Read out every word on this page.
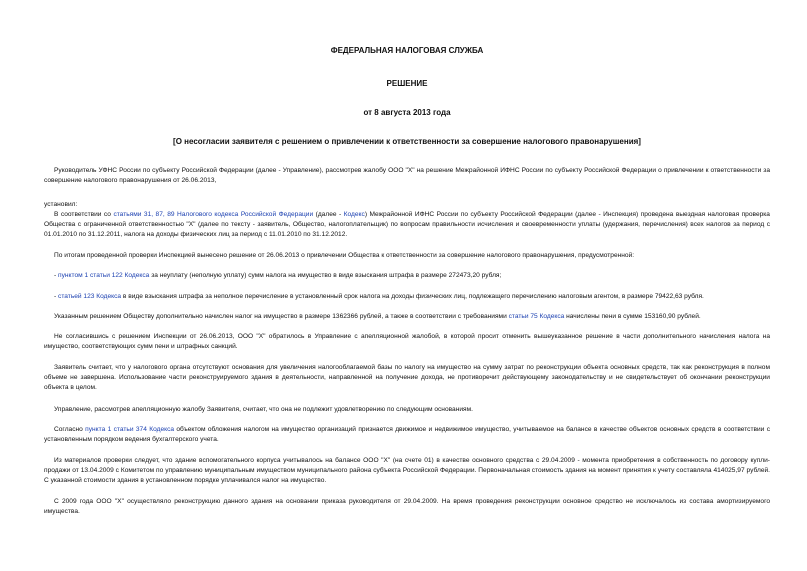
ФЕДЕРАЛЬНАЯ НАЛОГОВАЯ СЛУЖБА
РЕШЕНИЕ
от 8 августа 2013 года
[О несогласии заявителя с решением о привлечении к ответственности за совершение налогового правонарушения]
Руководитель УФНС России по субъекту Российской Федерации (далее - Управление), рассмотрев жалобу ООО "Х" на решение Межрайонной ИФНС России по субъекту Российской Федерации о привлечении к ответственности за совершение налогового правонарушения от 26.06.2013,
установил:
В соответствии со статьями 31, 87, 89 Налогового кодекса Российской Федерации (далее - Кодекс) Межрайонной ИФНС России по субъекту Российской Федерации (далее - Инспекция) проведена выездная налоговая проверка Общества с ограниченной ответственностью "Х" (далее по тексту - заявитель, Общество, налогоплательщик) по вопросам правильности исчисления и своевременности уплаты (удержания, перечисления) всех налогов за период с 01.01.2010 по 31.12.2011, налога на доходы физических лиц за период с 11.01.2010 по 31.12.2012.
По итогам проведенной проверки Инспекцией вынесено решение от 26.06.2013 о привлечении Общества к ответственности за совершение налогового правонарушения, предусмотренной:
- пунктом 1 статьи 122 Кодекса за неуплату (неполную уплату) сумм налога на имущество в виде взыскания штрафа в размере 272473,20 рубля;
- статьей 123 Кодекса в виде взыскания штрафа за неполное перечисление в установленный срок налога на доходы физических лиц, подлежащего перечислению налоговым агентом, в размере 79422,63 рубля.
Указанным решением Обществу дополнительно начислен налог на имущество в размере 1362366 рублей, а также в соответствии с требованиями статьи 75 Кодекса начислены пени в сумме 153160,90 рублей.
Не согласившись с решением Инспекции от 26.06.2013, ООО "Х" обратилось в Управление с апелляционной жалобой, в которой просит отменить вышеуказанное решение в части дополнительного начисления налога на имущество, соответствующих сумм пени и штрафных санкций.
Заявитель считает, что у налогового органа отсутствуют основания для увеличения налогооблагаемой базы по налогу на имущество на сумму затрат по реконструкции объекта основных средств, так как реконструкция в полном объеме не завершена. Использование части реконструируемого здания в деятельности, направленной на получение дохода, не противоречит действующему законодательству и не свидетельствует об окончании реконструкции объекта в целом.
Управление, рассмотрев апелляционную жалобу Заявителя, считает, что она не подлежит удовлетворению по следующим основаниям.
Согласно пункта 1 статьи 374 Кодекса объектом обложения налогом на имущество организаций признается движимое и недвижимое имущество, учитываемое на балансе в качестве объектов основных средств в соответствии с установленным порядком ведения бухгалтерского учета.
Из материалов проверки следует, что здание вспомогательного корпуса учитывалось на балансе ООО "Х" (на счете 01) в качестве основного средства с 29.04.2009 - момента приобретения в собственность по договору купли-продажи от 13.04.2009 с Комитетом по управлению муниципальным имуществом муниципального района субъекта Российской Федерации. Первоначальная стоимость здания на момент принятия к учету составляла 414025,97 рублей. С указанной стоимости здания в установленном порядке уплачивался налог на имущество.
С 2009 года ООО "Х" осуществляло реконструкцию данного здания на основании приказа руководителя от 29.04.2009. На время проведения реконструкции основное средство не исключалось из состава амортизируемого имущества.
